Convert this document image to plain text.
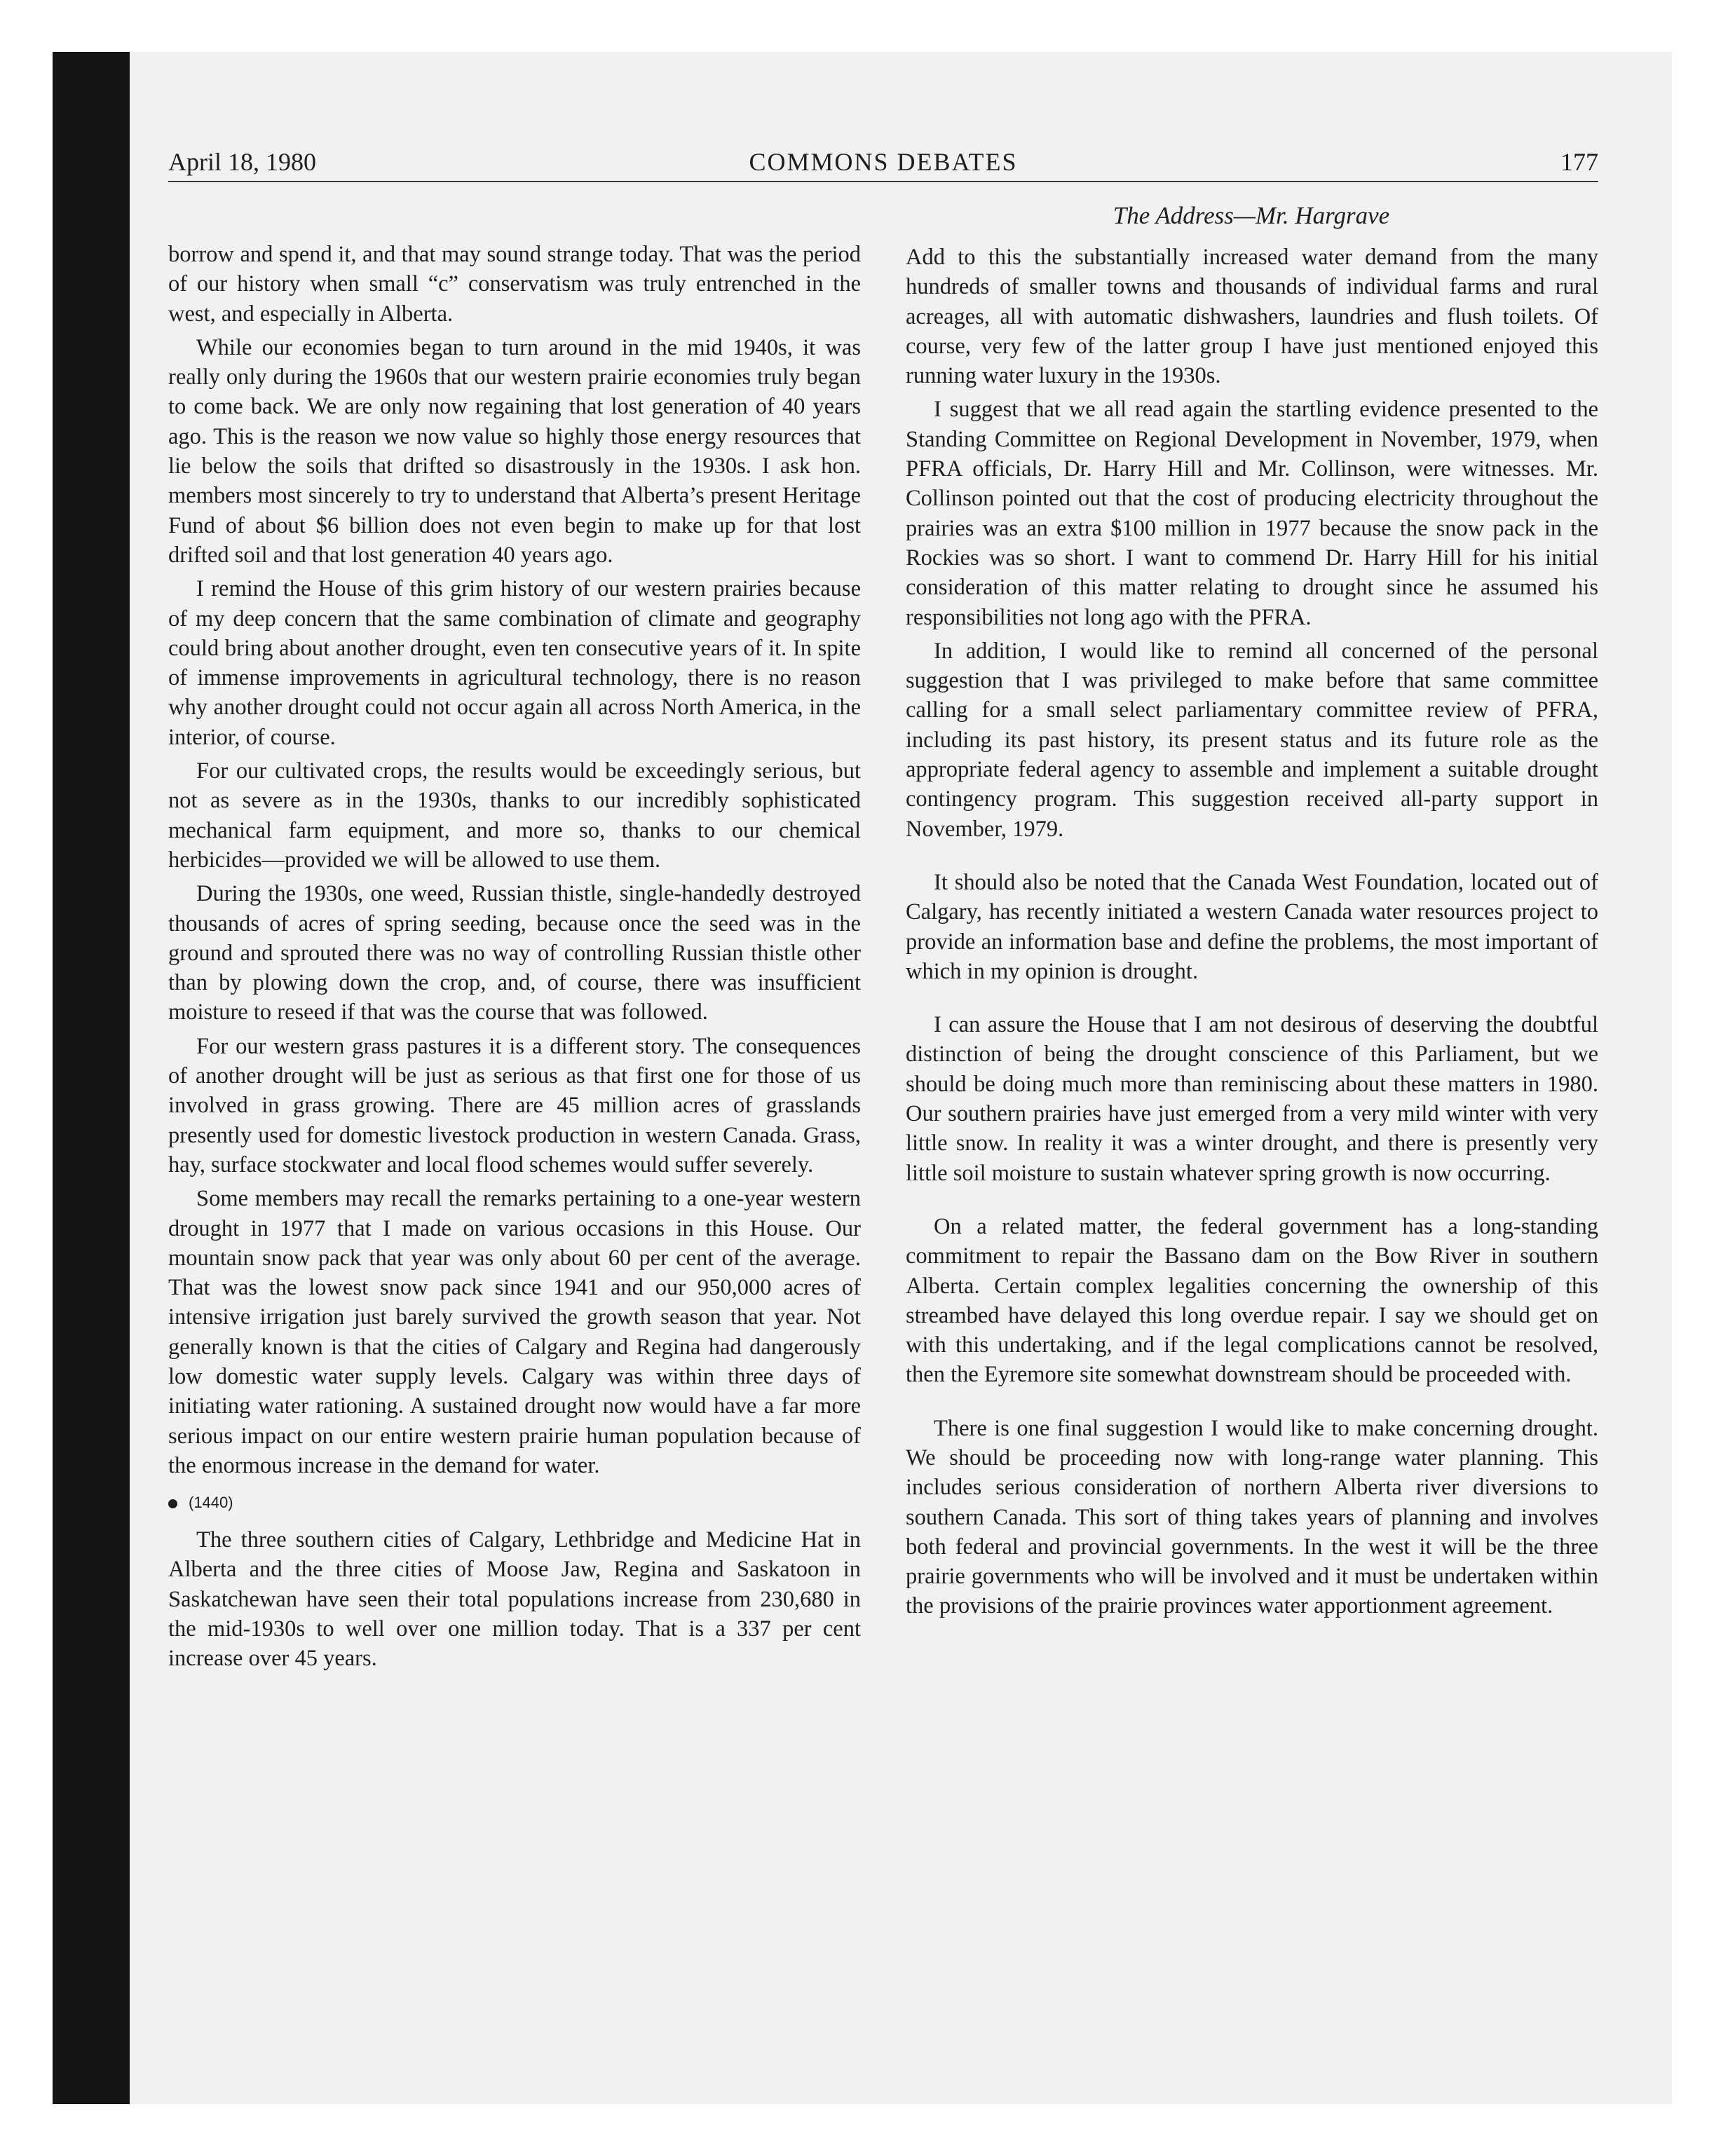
COMMONS DEBATES
April 18, 1980	177
The Address—Mr. Hargrave

borrow and spend it, and that may sound strange today. That was the period of our history when small “c” conservatism was truly entrenched in the west, and especially in Alberta.

While our economies began to turn around in the mid 1940s, it was really only during the 1960s that our western prairie economies truly began to come back. We are only now regaining that lost generation of 40 years ago. This is the reason we now value so highly those energy resources that lie below the soils that drifted so disastrously in the 1930s. I ask hon. members most sincerely to try to understand that Alberta’s present Heritage Fund of about $6 billion does not even begin to make up for that lost drifted soil and that lost generation 40 years ago.

I remind the House of this grim history of our western prairies because of my deep concern that the same combination of climate and geography could bring about another drought, even ten consecutive years of it. In spite of immense improvements in agricultural technology, there is no reason why another drought could not occur again all across North America, in the interior, of course.

For our cultivated crops, the results would be exceedingly serious, but not as severe as in the 1930s, thanks to our incredibly sophisticated mechanical farm equipment, and more so, thanks to our chemical herbicides—provided we will be allowed to use them.

During the 1930s, one weed, Russian thistle, single-handedly destroyed thousands of acres of spring seeding, because once the seed was in the ground and sprouted there was no way of controlling Russian thistle other than by plowing down the crop, and, of course, there was insufficient moisture to reseed if that was the course that was followed.

For our western grass pastures it is a different story. The consequences of another drought will be just as serious as that first one for those of us involved in grass growing. There are 45 million acres of grasslands presently used for domestic livestock production in western Canada. Grass, hay, surface stockwater and local flood schemes would suffer severely.

Some members may recall the remarks pertaining to a one-year western drought in 1977 that I made on various occasions in this House. Our mountain snow pack that year was only about 60 per cent of the average. That was the lowest snow pack since 1941 and our 950,000 acres of intensive irrigation just barely survived the growth season that year. Not generally known is that the cities of Calgary and Regina had dangerously low domestic water supply levels. Calgary was within three days of initiating water rationing. A sustained drought now would have a far more serious impact on our entire western prairie human population because of the enormous increase in the demand for water.

(1440)

The three southern cities of Calgary, Lethbridge and Medicine Hat in Alberta and the three cities of Moose Jaw, Regina and Saskatoon in Saskatchewan have seen their total populations increase from 230,680 in the mid-1930s to well over one million today. That is a 337 per cent increase over 45 years.

Add to this the substantially increased water demand from the many hundreds of smaller towns and thousands of individual farms and rural acreages, all with automatic dishwashers, laundries and flush toilets. Of course, very few of the latter group I have just mentioned enjoyed this running water luxury in the 1930s.

I suggest that we all read again the startling evidence presented to the Standing Committee on Regional Development in November, 1979, when PFRA officials, Dr. Harry Hill and Mr. Collinson, were witnesses. Mr. Collinson pointed out that the cost of producing electricity throughout the prairies was an extra $100 million in 1977 because the snow pack in the Rockies was so short. I want to commend Dr. Harry Hill for his initial consideration of this matter relating to drought since he assumed his responsibilities not long ago with the PFRA.

In addition, I would like to remind all concerned of the personal suggestion that I was privileged to make before that same committee calling for a small select parliamentary committee review of PFRA, including its past history, its present status and its future role as the appropriate federal agency to assemble and implement a suitable drought contingency program. This suggestion received all-party support in November, 1979.

It should also be noted that the Canada West Foundation, located out of Calgary, has recently initiated a western Canada water resources project to provide an information base and define the problems, the most important of which in my opinion is drought.

I can assure the House that I am not desirous of deserving the doubtful distinction of being the drought conscience of this Parliament, but we should be doing much more than reminiscing about these matters in 1980. Our southern prairies have just emerged from a very mild winter with very little snow. In reality it was a winter drought, and there is presently very little soil moisture to sustain whatever spring growth is now occurring.

On a related matter, the federal government has a long-standing commitment to repair the Bassano dam on the Bow River in southern Alberta. Certain complex legalities concerning the ownership of this streambed have delayed this long overdue repair. I say we should get on with this undertaking, and if the legal complications cannot be resolved, then the Eyremore site somewhat downstream should be proceeded with.

There is one final suggestion I would like to make concerning drought. We should be proceeding now with long-range water planning. This includes serious consideration of northern Alberta river diversions to southern Canada. This sort of thing takes years of planning and involves both federal and provincial governments. In the west it will be the three prairie governments who will be involved and it must be undertaken within the provisions of the prairie provinces water apportionment agreement.
